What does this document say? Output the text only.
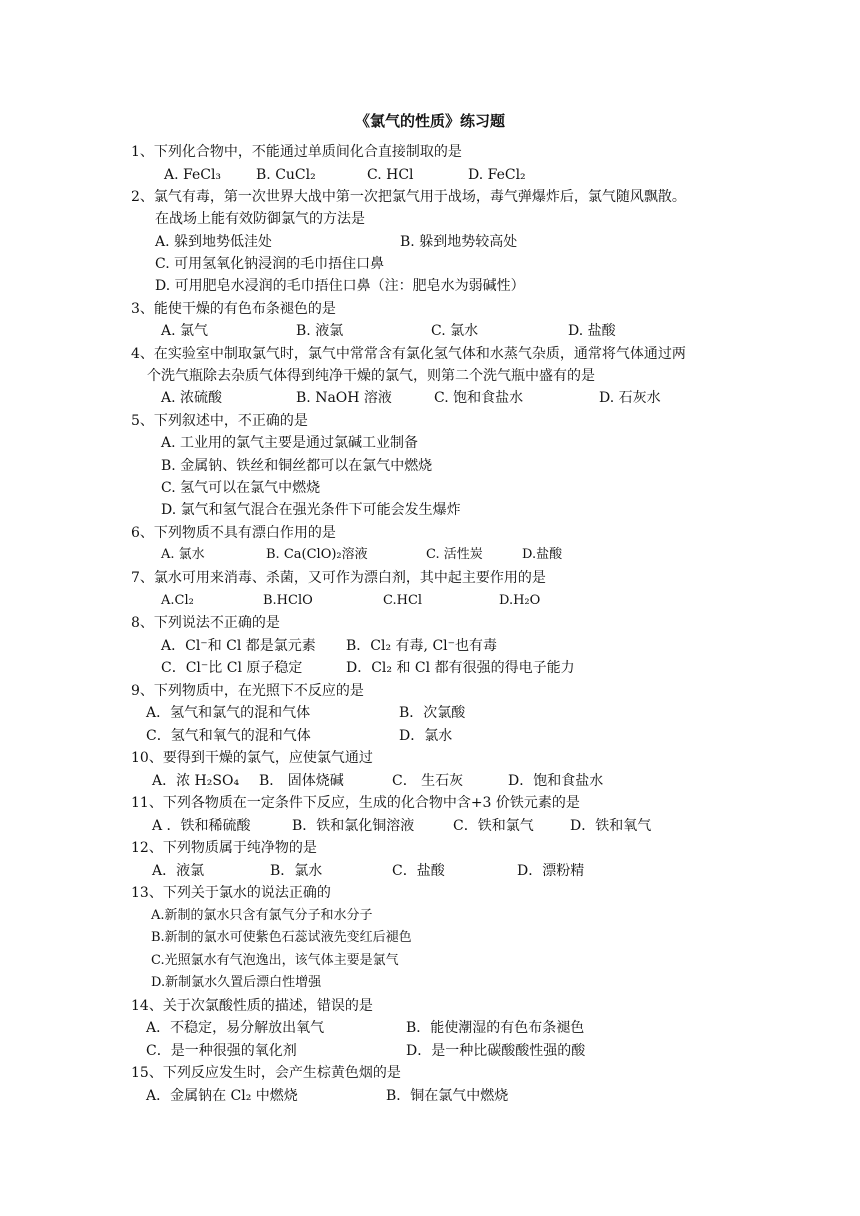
《氯气的性质》练习题
1、下列化合物中，不能通过单质间化合直接制取的是
A. FeCl₃ B. CuCl₂	C. HCl	D. FeCl₂
2、氯气有毒，第一次世界大战中第一次把氯气用于战场，毒气弹爆炸后，氯气随风飘散。
在战场上能有效防御氯气的方法是
A. 躲到地势低洼处	B. 躲到地势较高处
C. 可用氢氧化钠浸润的毛巾捂住口鼻
D. 可用肥皂水浸润的毛巾捂住口鼻（注：肥皂水为弱碱性）
3、能使干燥的有色布条褪色的是
A. 氯气	B. 液氯	C. 氯水	D. 盐酸
4、在实验室中制取氯气时，氯气中常常含有氯化氢气体和水蒸气杂质，通常将气体通过两
个洗气瓶除去杂质气体得到纯净干燥的氯气，则第二个洗气瓶中盛有的是
A. 浓硫酸	B. NaOH 溶液	C. 饱和食盐水	D. 石灰水
5、下列叙述中，不正确的是
A. 工业用的氯气主要是通过氯碱工业制备
B. 金属钠、铁丝和铜丝都可以在氯气中燃烧
C. 氢气可以在氯气中燃烧
D. 氯气和氢气混合在强光条件下可能会发生爆炸
6、下列物质不具有漂白作用的是
A. 氯水	B. Ca(ClO)₂溶液	C. 活性炭	D.盐酸
7、氯水可用来消毒、杀菌，又可作为漂白剂，其中起主要作用的是
A.Cl₂	B.HClO	C.HCl	D.H₂O
8、下列说法不正确的是
A．Cl⁻和 Cl 都是氯元素 B．Cl₂ 有毒, Cl⁻也有毒
C．Cl⁻比 Cl 原子稳定	D．Cl₂ 和 Cl 都有很强的得电子能力
9、下列物质中，在光照下不反应的是
A．氢气和氯气的混和气体	B．次氯酸
C．氢气和氧气的混和气体	D．氯水
10、要得到干燥的氯气，应使氯气通过
A．浓 H₂SO₄ B． 固体烧碱	C． 生石灰	D．饱和食盐水
11、下列各物质在一定条件下反应，生成的化合物中含+3 价铁元素的是
A ．铁和稀硫酸	B．铁和氯化铜溶液	C．铁和氯气	D．铁和氧气
12、下列物质属于纯净物的是
A．液氯	B．氯水	C．盐酸	D．漂粉精
13、下列关于氯水的说法正确的
A.新制的氯水只含有氯气分子和水分子
B.新制的氯水可使紫色石蕊试液先变红后褪色
C.光照氯水有气泡逸出，该气体主要是氯气
D.新制氯水久置后漂白性增强
14、关于次氯酸性质的描述，错误的是
A．不稳定，易分解放出氧气	B．能使潮湿的有色布条褪色
C．是一种很强的氧化剂	D．是一种比碳酸酸性强的酸
15、下列反应发生时，会产生棕黄色烟的是
A．金属钠在 Cl₂ 中燃烧	B．铜在氯气中燃烧
